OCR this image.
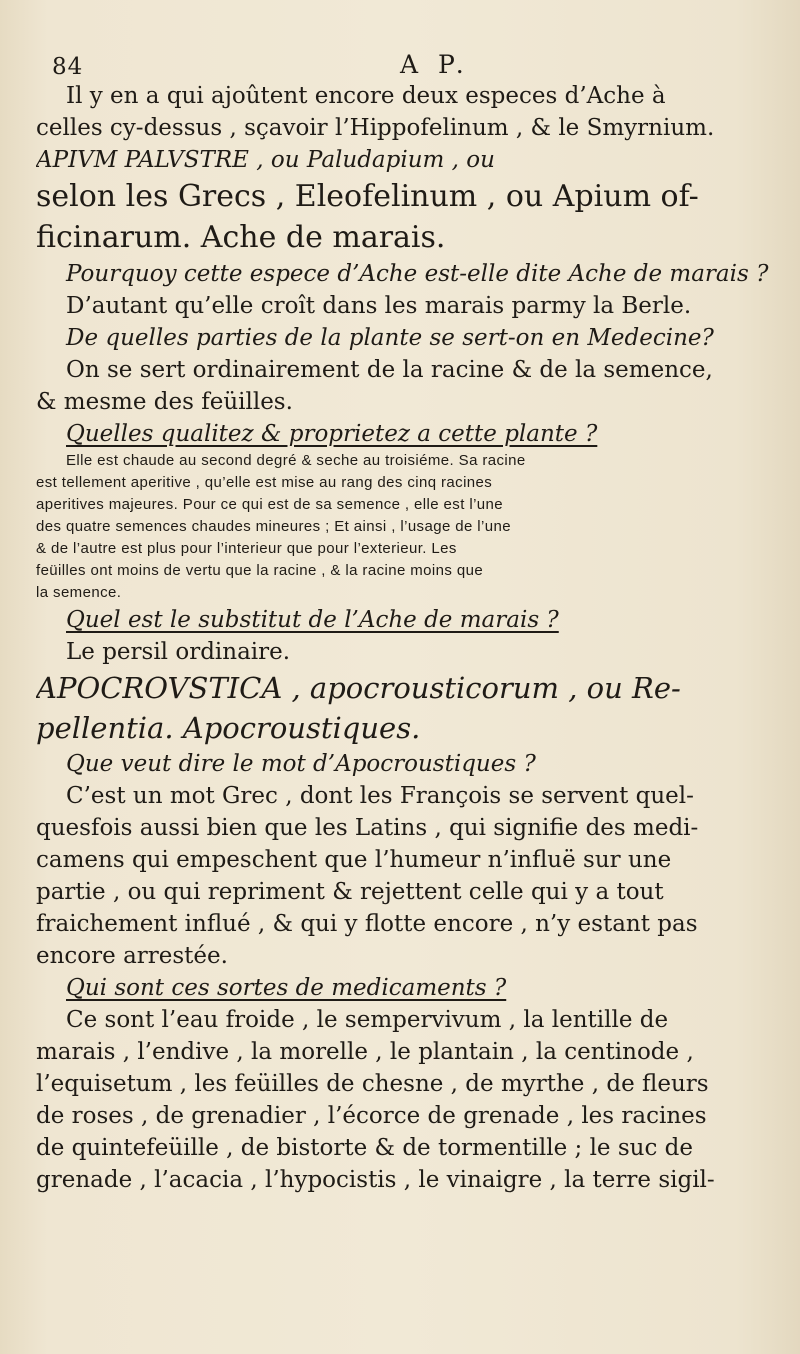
84	A P.
Il y en a qui ajoûtent encore deux especes d’Ache à
celles cy-dessus , sçavoir l’Hippofelinum , & le Smyrnium.
APIVM PALVSTRE , ou Paludapium , ou
selon les Grecs , Eleofelinum , ou Apium of-
ficinarum. Ache de marais.
Pourquoy cette espece d’Ache est-elle dite Ache de marais ?
D’autant qu’elle croît dans les marais parmy la Berle.
De quelles parties de la plante se sert-on en Medecine?
On se sert ordinairement de la racine & de la semence,
& mesme des feüilles.
Quelles qualitez & proprietez a cette plante ?
Elle est chaude au second degré & seche au troisiéme. Sa racine
est tellement aperitive , qu’elle est mise au rang des cinq racines
aperitives majeures. Pour ce qui est de sa semence , elle est l’une
des quatre semences chaudes mineures ; Et ainsi , l’usage de l’une
& de l’autre est plus pour l’interieur que pour l’exterieur. Les
feüilles ont moins de vertu que la racine , & la racine moins que
la semence.
Quel est le substitut de l’Ache de marais ?
Le persil ordinaire.
APOCROVSTICA , apocrousticorum , ou Re-
pellentia. Apocroustiques.
Que veut dire le mot d’Apocroustiques ?
C’est un mot Grec , dont les François se servent quel-
quesfois aussi bien que les Latins , qui signifie des medi-
camens qui empeschent que l’humeur n’influë sur une
partie , ou qui repriment & rejettent celle qui y a tout
fraichement influé , & qui y flotte encore , n’y estant pas
encore arrestée.
Qui sont ces sortes de medicaments ?
Ce sont l’eau froide , le sempervivum , la lentille de
marais , l’endive , la morelle , le plantain , la centinode ,
l’equisetum , les feüilles de chesne , de myrthe , de fleurs
de roses , de grenadier , l’écorce de grenade , les racines
de quintefeüille , de bistorte & de tormentille ; le suc de
grenade , l’acacia , l’hypocistis , le vinaigre , la terre sigil-
